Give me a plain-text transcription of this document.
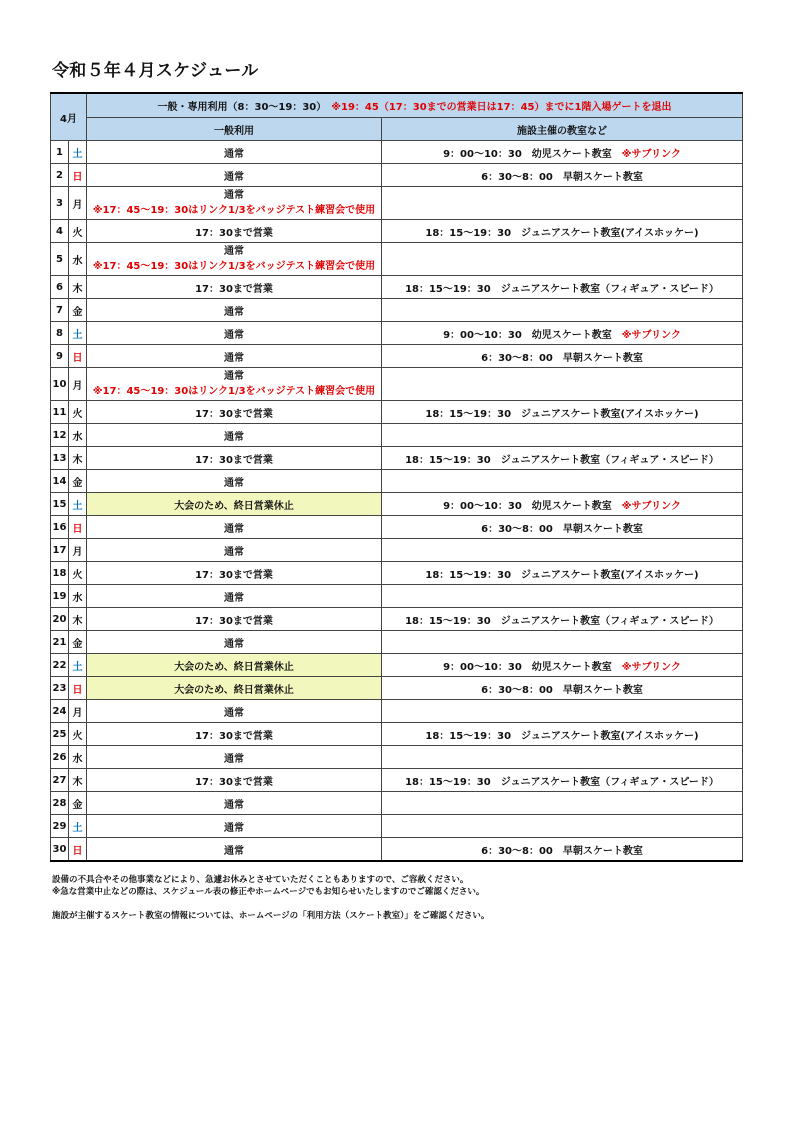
令和５年４月スケジュール
4月		一般・専用利用（8：30～19：30）　※19：45（17：30までの営業日は17：45）までに1階入場ゲートを退出	
		一般利用	施設主催の教室など
1	土	通常	9：00～10：30　幼児スケート教室　※サブリンク
2	日	通常	6：30～8：00　早朝スケート教室
3	月	通常
※17：45～19：30はリンク1/3をバッジテスト練習会で使用	

4	火	17：30まで営業	18：15～19：30　ジュニアスケート教室(アイスホッケー)
5	水	通常
※17：45～19：30はリンク1/3をバッジテスト練習会で使用	

6	木	17：30まで営業	18：15～19：30　ジュニアスケート教室（フィギュア・スピード）
7	金	通常	
8	土	通常	9：00～10：30　幼児スケート教室　※サブリンク
9	日	通常	6：30～8：00　早朝スケート教室
10	月	通常
※17：45～19：30はリンク1/3をバッジテスト練習会で使用	

11	火	17：30まで営業	18：15～19：30　ジュニアスケート教室(アイスホッケー)
12	水	通常	
13	木	17：30まで営業	18：15～19：30　ジュニアスケート教室（フィギュア・スピード）
14	金	通常	
15	土	大会のため、終日営業休止	9：00～10：30　幼児スケート教室　※サブリンク
16	日	通常	6：30～8：00　早朝スケート教室
17	月	通常	
18	火	17：30まで営業	18：15～19：30　ジュニアスケート教室(アイスホッケー)
19	水	通常	
20	木	17：30まで営業	18：15～19：30　ジュニアスケート教室（フィギュア・スピード）
21	金	通常	
22	土	大会のため、終日営業休止	9：00～10：30　幼児スケート教室　※サブリンク
23	日	大会のため、終日営業休止	6：30～8：00　早朝スケート教室
24	月	通常	
25	火	17：30まで営業	18：15～19：30　ジュニアスケート教室(アイスホッケー)
26	水	通常	
27	木	17：30まで営業	18：15～19：30　ジュニアスケート教室（フィギュア・スピード）
28	金	通常	
29	土	通常	
30	日	通常	6：30～8：00　早朝スケート教室

設備の不具合やその他事業などにより、急遽お休みとさせていただくこともありますので、ご容赦ください。

※急な営業中止などの際は、スケジュール表の修正やホームページでもお知らせいたしますのでご確認ください。

施設が主催するスケート教室の情報については、ホームページの「利用方法（スケート教室）」をご確認ください。
